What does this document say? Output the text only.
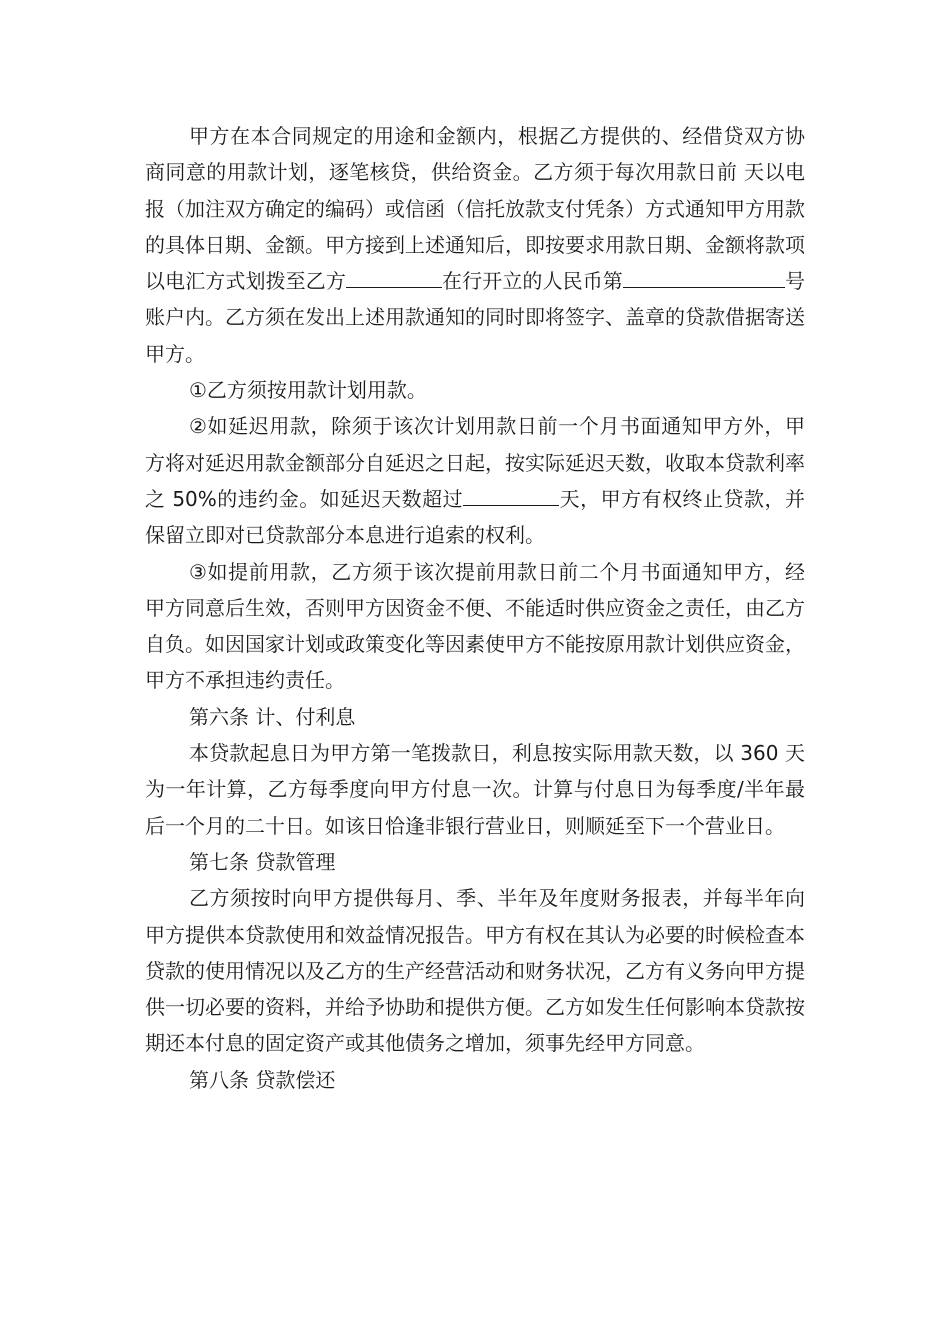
甲方在本合同规定的用途和金额内，根据乙方提供的、经借贷双方协商同意的用款计划，逐笔核贷，供给资金。乙方须于每次用款日前 天以电报（加注双方确定的编码）或信函（信托放款支付凭条）方式通知甲方用款的具体日期、金额。甲方接到上述通知后，即按要求用款日期、金额将款项以电汇方式划拨至乙方	在行开立的人民币第	号账户内。乙方须在发出上述用款通知的同时即将签字、盖章的贷款借据寄送甲方。

①乙方须按用款计划用款。

②如延迟用款，除须于该次计划用款日前一个月书面通知甲方外，甲方将对延迟用款金额部分自延迟之日起，按实际延迟天数，收取本贷款利率之 50%的违约金。如延迟天数超过	天，甲方有权终止贷款，并保留立即对已贷款部分本息进行追索的权利。

③如提前用款，乙方须于该次提前用款日前二个月书面通知甲方，经甲方同意后生效，否则甲方因资金不便、不能适时供应资金之责任，由乙方自负。如因国家计划或政策变化等因素使甲方不能按原用款计划供应资金，甲方不承担违约责任。

第六条 计、付利息

本贷款起息日为甲方第一笔拨款日，利息按实际用款天数，以 360 天为一年计算，乙方每季度向甲方付息一次。计算与付息日为每季度/半年最后一个月的二十日。如该日恰逢非银行营业日，则顺延至下一个营业日。

第七条 贷款管理

乙方须按时向甲方提供每月、季、半年及年度财务报表，并每半年向甲方提供本贷款使用和效益情况报告。甲方有权在其认为必要的时候检查本贷款的使用情况以及乙方的生产经营活动和财务状况，乙方有义务向甲方提供一切必要的资料，并给予协助和提供方便。乙方如发生任何影响本贷款按期还本付息的固定资产或其他债务之增加，须事先经甲方同意。

第八条 贷款偿还
